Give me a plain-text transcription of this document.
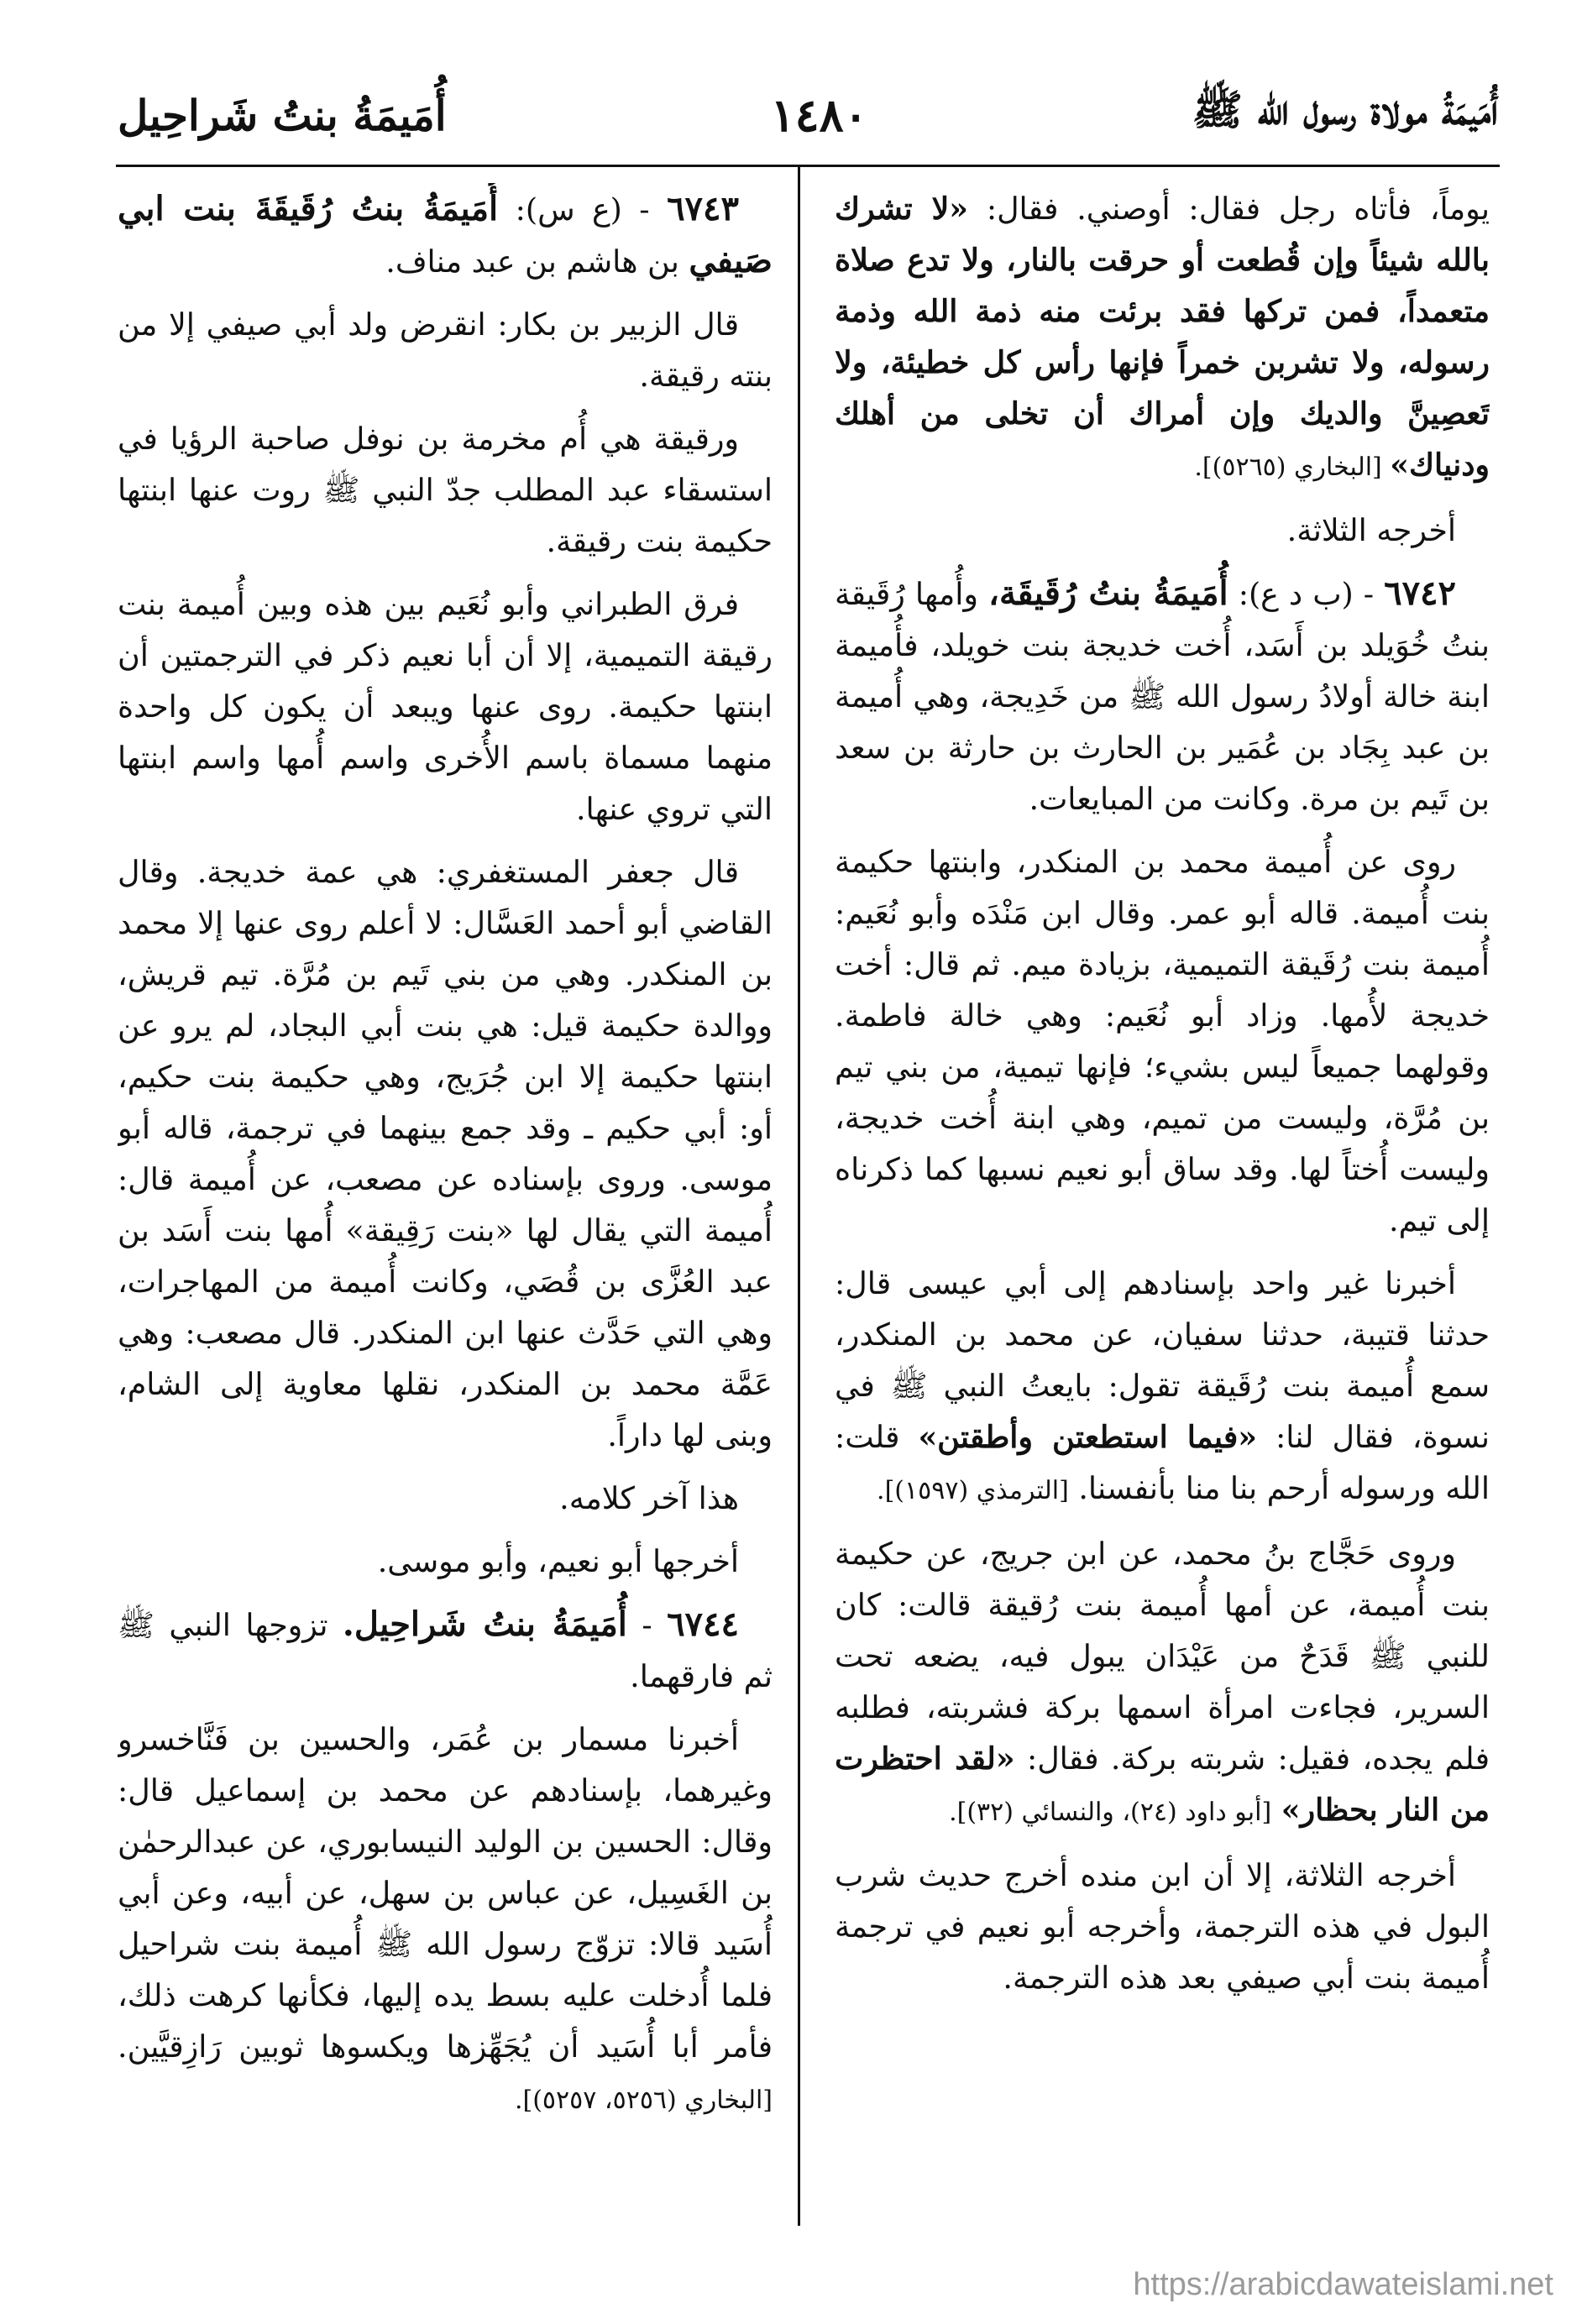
أُمَيمَةُ مولاة رسول الله ﷺ
١٤٨٠
أُمَيمَةُ بنتُ شَراحِيل

يوماً، فأتاه رجل فقال: أوصني. فقال: «لا تشرك بالله شيئاً وإن قُطعت أو حرقت بالنار، ولا تدع صلاة متعمداً، فمن تركها فقد برئت منه ذمة الله وذمة رسوله، ولا تشربن خمراً فإنها رأس كل خطيئة، ولا تَعصِينَّ والديك وإن أمراك أن تخلى من أهلك ودنياك» [البخاري (٥٢٦٥)].

أخرجه الثلاثة.

٦٧٤٢ - (ب د ع): أُمَيمَةُ بنتُ رُقَيقَة، وأُمها رُقَيقة بنتُ خُوَيلد بن أَسَد، أُخت خديجة بنت خويلد، فأُميمة ابنة خالة أولادُ رسول الله ﷺ من خَدِيجة، وهي أُميمة بن عبد بِجَاد بن عُمَير بن الحارث بن حارثة بن سعد بن تَيم بن مرة. وكانت من المبايعات.

روى عن أُميمة محمد بن المنكدر، وابنتها حكيمة بنت أُميمة. قاله أبو عمر. وقال ابن مَنْدَه وأبو نُعَيم: أُميمة بنت رُقَيقة التميمية، بزيادة ميم. ثم قال: أخت خديجة لأُمها. وزاد أبو نُعَيم: وهي خالة فاطمة. وقولهما جميعاً ليس بشيء؛ فإنها تيمية، من بني تيم بن مُرَّة، وليست من تميم، وهي ابنة أُخت خديجة، وليست أُختاً لها. وقد ساق أبو نعيم نسبها كما ذكرناه إلى تيم.

أخبرنا غير واحد بإسنادهم إلى أبي عيسى قال: حدثنا قتيبة، حدثنا سفيان، عن محمد بن المنكدر، سمع أُميمة بنت رُقَيقة تقول: بايعتُ النبي ﷺ في نسوة، فقال لنا: «فيما استطعتن وأطقتن» قلت: الله ورسوله أرحم بنا منا بأنفسنا. [الترمذي (١٥٩٧)].

وروى حَجَّاج بنُ محمد، عن ابن جريج، عن حكيمة بنت أُميمة، عن أمها أُميمة بنت رُقيقة قالت: كان للنبي ﷺ قَدَحٌ من عَيْدَان يبول فيه، يضعه تحت السرير، فجاءت امرأة اسمها بركة فشربته، فطلبه فلم يجده، فقيل: شربته بركة. فقال: «لقد احتظرت من النار بحظار» [أبو داود (٢٤)، والنسائي (٣٢)].

أخرجه الثلاثة، إلا أن ابن منده أخرج حديث شرب البول في هذه الترجمة، وأخرجه أبو نعيم في ترجمة أُميمة بنت أبي صيفي بعد هذه الترجمة.

٦٧٤٣ - (ع س): أُمَيمَةُ بنتُ رُقَيقَةَ بنت ابي صَيفي بن هاشم بن عبد مناف.

قال الزبير بن بكار: انقرض ولد أبي صيفي إلا من بنته رقيقة.

ورقيقة هي أُم مخرمة بن نوفل صاحبة الرؤيا في استسقاء عبد المطلب جدّ النبي ﷺ روت عنها ابنتها حكيمة بنت رقيقة.

فرق الطبراني وأبو نُعَيم بين هذه وبين أُميمة بنت رقيقة التميمية، إلا أن أبا نعيم ذكر في الترجمتين أن ابنتها حكيمة. روى عنها ويبعد أن يكون كل واحدة منهما مسماة باسم الأُخرى واسم أُمها واسم ابنتها التي تروي عنها.

قال جعفر المستغفري: هي عمة خديجة. وقال القاضي أبو أحمد العَسَّال: لا أعلم روى عنها إلا محمد بن المنكدر. وهي من بني تَيم بن مُرَّة. تيم قريش، ووالدة حكيمة قيل: هي بنت أبي البجاد، لم يرو عن ابنتها حكيمة إلا ابن جُرَيج، وهي حكيمة بنت حكيم، أو: أبي حكيم ـ وقد جمع بينهما في ترجمة، قاله أبو موسى. وروى بإسناده عن مصعب، عن أُميمة قال: أُميمة التي يقال لها «بنت رَقِيقة» أُمها بنت أَسَد بن عبد العُزَّى بن قُصَي، وكانت أُميمة من المهاجرات، وهي التي حَدَّث عنها ابن المنكدر. قال مصعب: وهي عَمَّة محمد بن المنكدر، نقلها معاوية إلى الشام، وبنى لها داراً.

هذا آخر كلامه.

أخرجها أبو نعيم، وأبو موسى.

٦٧٤٤ - أُمَيمَةُ بنتُ شَراحِيل. تزوجها النبي ﷺ ثم فارقهما.

أخبرنا مسمار بن عُمَر، والحسين بن فَنَّاخسرو وغيرهما، بإسنادهم عن محمد بن إسماعيل قال: وقال: الحسين بن الوليد النيسابوري، عن عبدالرحمٰن بن الغَسِيل، عن عباس بن سهل، عن أبيه، وعن أبي أُسَيد قالا: تزوّج رسول الله ﷺ أُميمة بنت شراحيل فلما أُدخلت عليه بسط يده إليها، فكأنها كرهت ذلك، فأمر أبا أُسَيد أن يُجَهِّزها ويكسوها ثوبين رَازِقيَّين. [البخاري (٥٢٥٦، ٥٢٥٧)].

https://arabicdawateislami.net
